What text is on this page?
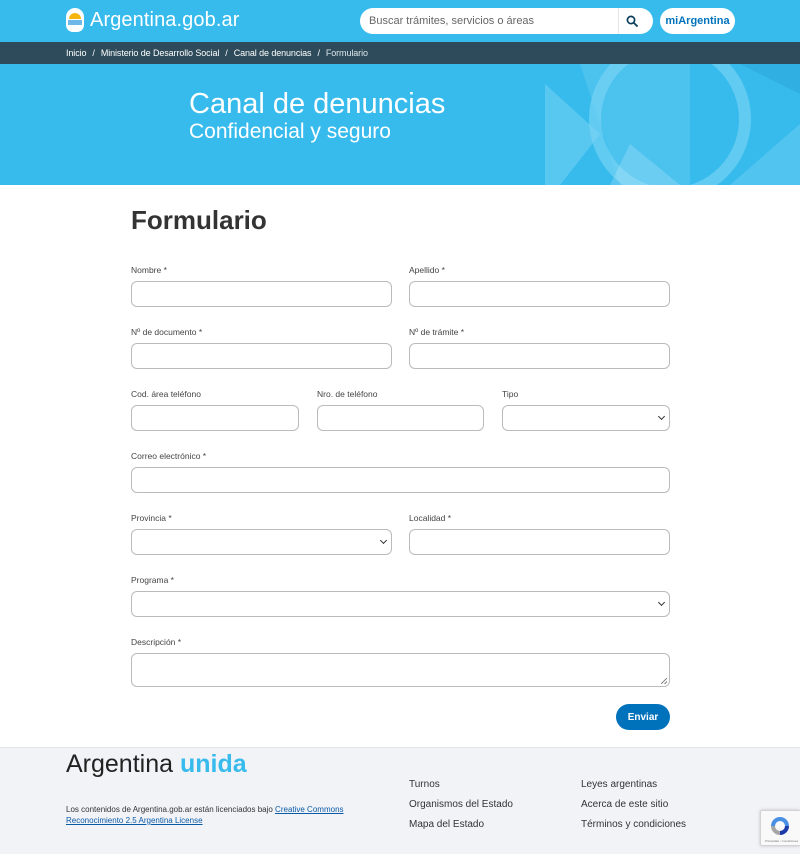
Argentina.gob.ar
Buscar trámites, servicios o áreas	miArgentina
Inicio / Ministerio de Desarrollo Social / Canal de denuncias / Formulario
Canal de denuncias
Confidencial y seguro
Formulario
Nombre *	Apellido *
Nº de documento *	Nº de trámite *
Cod. área teléfono	Nro. de teléfono	Tipo
Correo electrónico *
Provincia *	Localidad *
Programa *
Descripción *
Enviar
Argentina unida
Los contenidos de Argentina.gob.ar están licenciados bajo Creative Commons Reconocimiento 2.5 Argentina License
Turnos
Organismos del Estado
Mapa del Estado
Leyes argentinas
Acerca de este sitio
Términos y condiciones
Privacidad - Condiciones
